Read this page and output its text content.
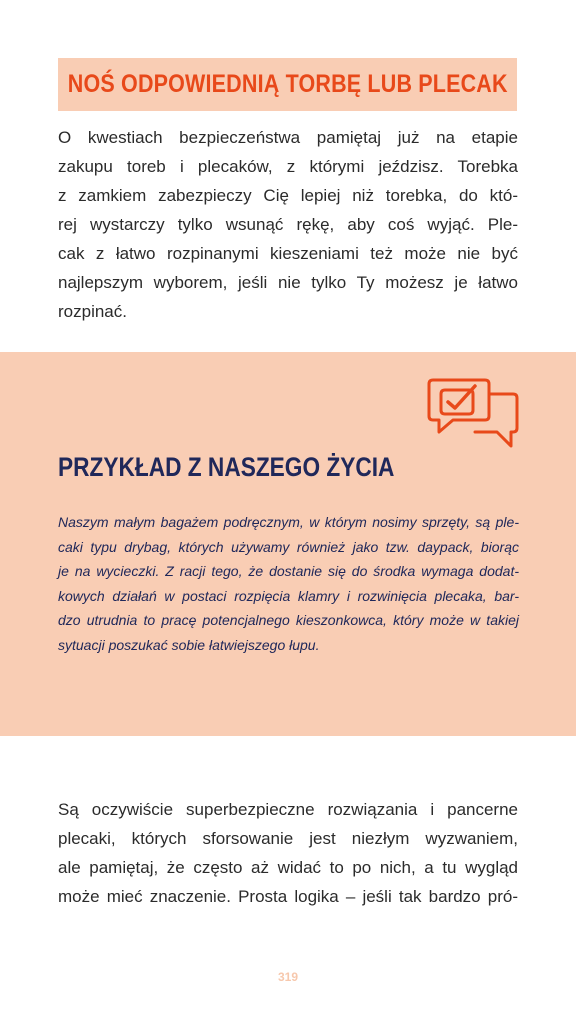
NOŚ ODPOWIEDNIĄ TORBĘ LUB PLECAK

O kwestiach bezpieczeństwa pamiętaj już na etapie
zakupu toreb i plecaków, z którymi jeździsz. Torebka
z zamkiem zabezpieczy Cię lepiej niż torebka, do któ-
rej wystarczy tylko wsunąć rękę, aby coś wyjąć. Ple-
cak z łatwo rozpinanymi kieszeniami też może nie być
najlepszym wyborem, jeśli nie tylko Ty możesz je łatwo
rozpinać.

PRZYKŁAD Z NASZEGO ŻYCIA

Naszym małym bagażem podręcznym, w którym nosimy sprzęty, są ple-
caki typu drybag, których używamy również jako tzw. daypack, biorąc
je na wycieczki. Z racji tego, że dostanie się do środka wymaga dodat-
kowych działań w postaci rozpięcia klamry i rozwinięcia plecaka, bar-
dzo utrudnia to pracę potencjalnego kieszonkowca, który może w takiej
sytuacji poszukać sobie łatwiejszego łupu.

Są oczywiście superbezpieczne rozwiązania i pancerne
plecaki, których sforsowanie jest niezłym wyzwaniem,
ale pamiętaj, że często aż widać to po nich, a tu wygląd
może mieć znaczenie. Prosta logika – jeśli tak bardzo pró-

319
